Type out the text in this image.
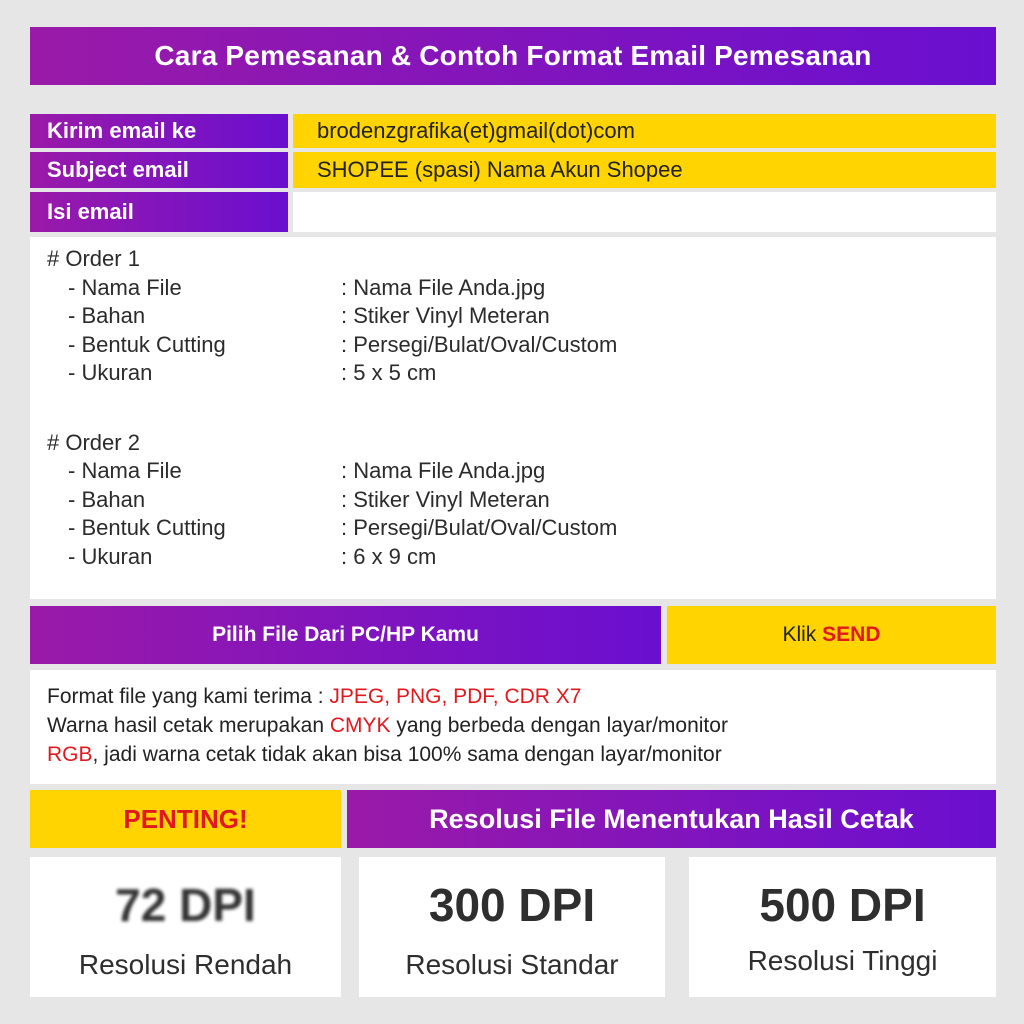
Cara Pemesanan & Contoh Format Email Pemesanan
Kirim email ke	brodenzgrafika(et)gmail(dot)com
Subject email	SHOPEE (spasi) Nama Akun Shopee
Isi email
# Order 1
- Nama File	: Nama File Anda.jpg
- Bahan	: Stiker Vinyl Meteran
- Bentuk Cutting	: Persegi/Bulat/Oval/Custom
- Ukuran	: 5 x 5 cm
# Order 2
- Nama File	: Nama File Anda.jpg
- Bahan	: Stiker Vinyl Meteran
- Bentuk Cutting	: Persegi/Bulat/Oval/Custom
- Ukuran	: 6 x 9 cm
Pilih File Dari PC/HP Kamu	Klik SEND
Format file yang kami terima : JPEG, PNG, PDF, CDR X7
Warna hasil cetak merupakan CMYK yang berbeda dengan layar/monitor
RGB, jadi warna cetak tidak akan bisa 100% sama dengan layar/monitor
PENTING!	Resolusi File Menentukan Hasil Cetak
72 DPI
Resolusi Rendah
300 DPI
Resolusi Standar
500 DPI
Resolusi Tinggi
